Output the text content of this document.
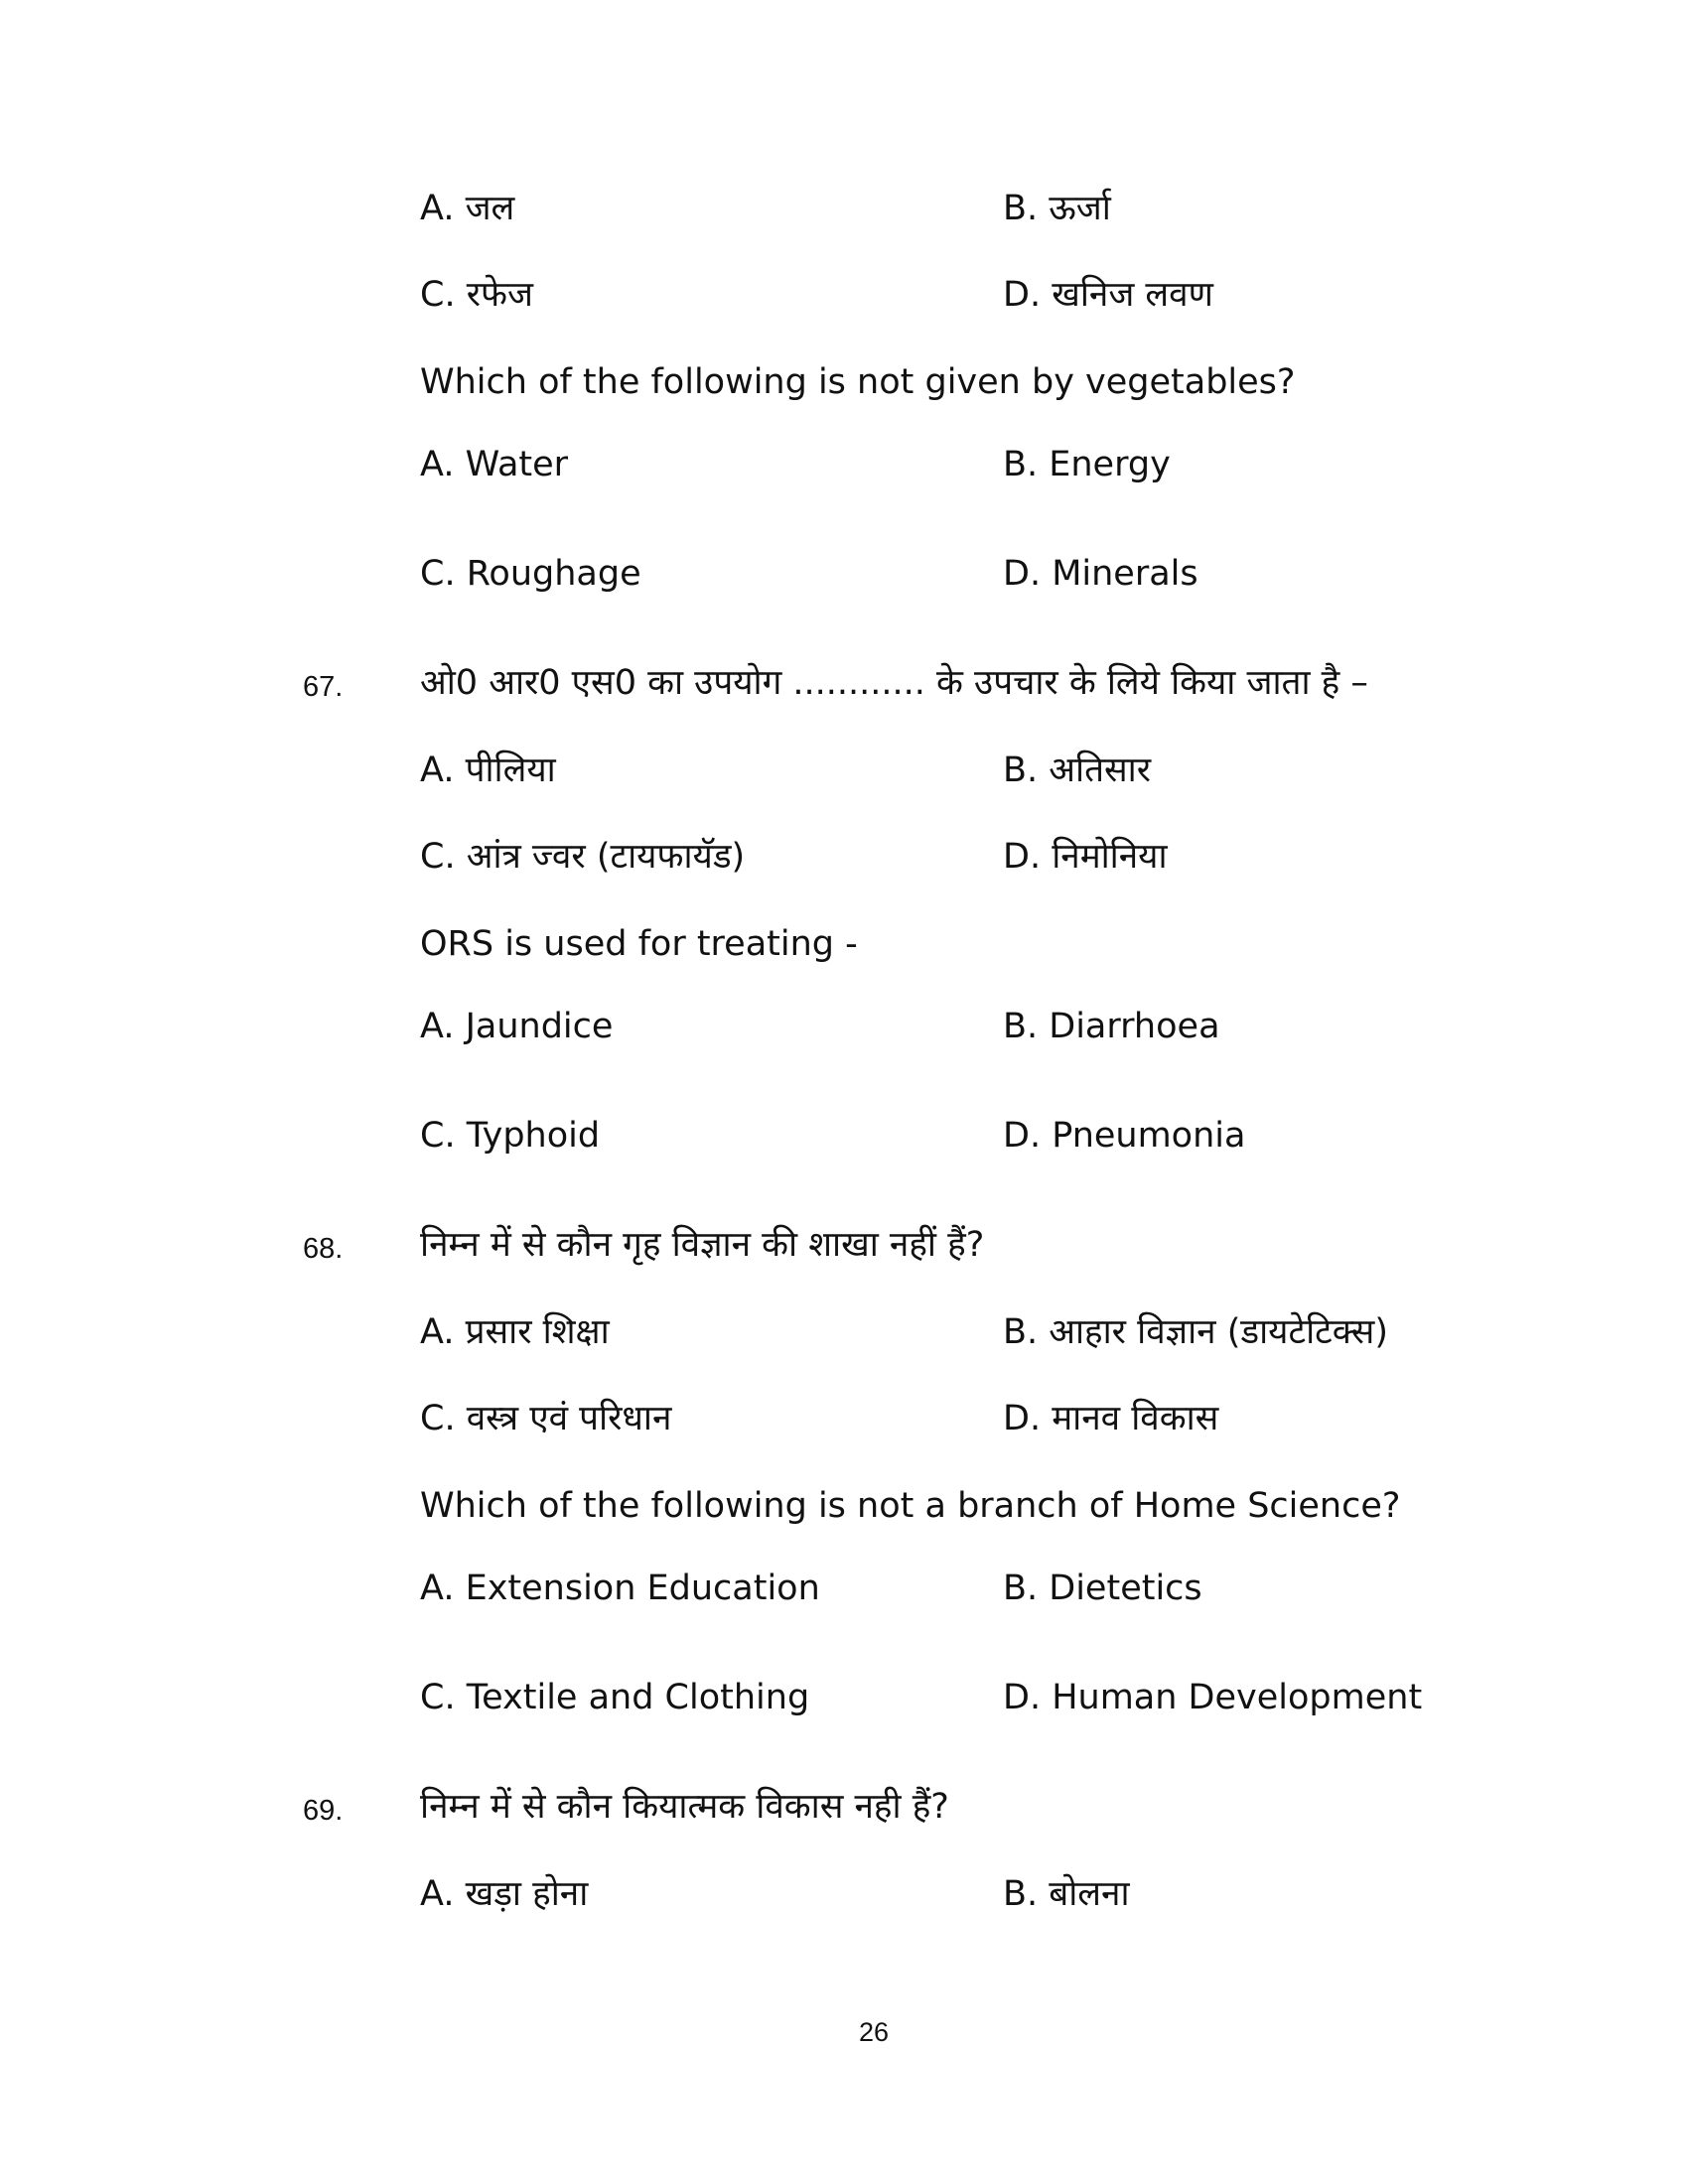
A. जल	B. ऊर्जा
C. रफेज	D. खनिज लवण
Which of the following is not given by vegetables?
A. Water	B. Energy
C. Roughage	D. Minerals
67. ओ0 आर0 एस0 का उपयोग ............ के उपचार के लिये किया जाता है –
A. पीलिया	B. अतिसार
C. आंत्र ज्वर (टायफायॅड)	D. निमोनिया
ORS is used for treating -
A. Jaundice	B. Diarrhoea
C. Typhoid	D. Pneumonia
68. निम्न में से कौन गृह विज्ञान की शाखा नहीं हैं?
A. प्रसार शिक्षा	B. आहार विज्ञान (डायटेटिक्स)
C. वस्त्र एवं परिधान	D. मानव विकास
Which of the following is not a branch of Home Science?
A. Extension Education	B. Dietetics
C. Textile and Clothing	D. Human Development
69. निम्न में से कौन कियात्मक विकास नही हैं?
A. खड़ा होना	B. बोलना
26
